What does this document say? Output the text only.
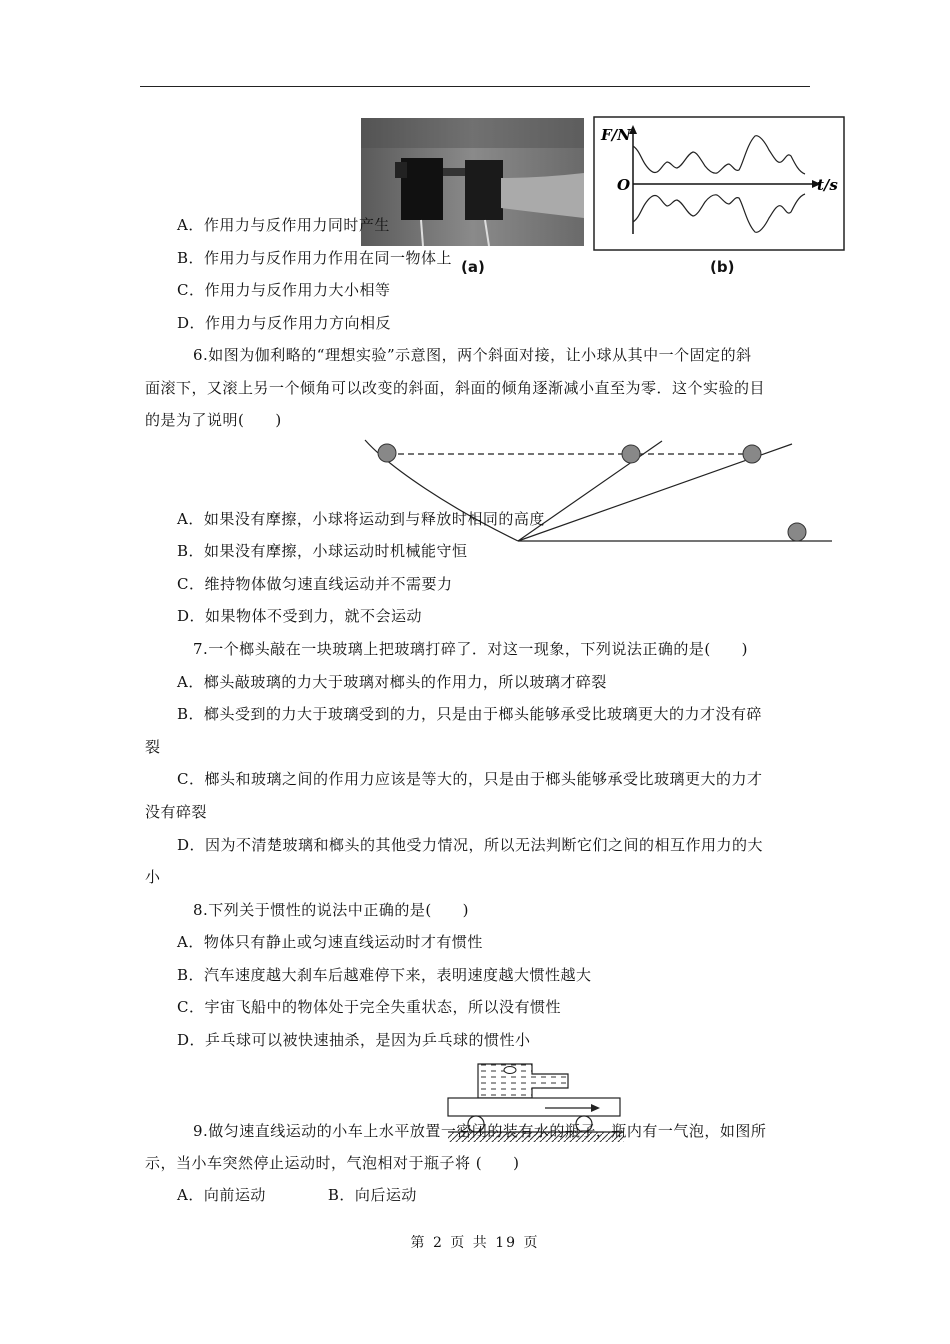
(a)
F/N
O	t/s
(b)
A．作用力与反作用力同时产生
B．作用力与反作用力作用在同一物体上
C．作用力与反作用力大小相等
D．作用力与反作用力方向相反
6.如图为伽利略的“理想实验”示意图，两个斜面对接，让小球从其中一个固定的斜
面滚下，又滚上另一个倾角可以改变的斜面，斜面的倾角逐渐减小直至为零．这个实验的目
的是为了说明(　　)
A．如果没有摩擦，小球将运动到与释放时相同的高度
B．如果没有摩擦，小球运动时机械能守恒
C．维持物体做匀速直线运动并不需要力
D．如果物体不受到力，就不会运动
7.一个榔头敲在一块玻璃上把玻璃打碎了．对这一现象，下列说法正确的是(　　)
A．榔头敲玻璃的力大于玻璃对榔头的作用力，所以玻璃才碎裂
B．榔头受到的力大于玻璃受到的力，只是由于榔头能够承受比玻璃更大的力才没有碎
裂
C．榔头和玻璃之间的作用力应该是等大的，只是由于榔头能够承受比玻璃更大的力才
没有碎裂
D．因为不清楚玻璃和榔头的其他受力情况，所以无法判断它们之间的相互作用力的大
小
8.下列关于惯性的说法中正确的是(　　)
A．物体只有静止或匀速直线运动时才有惯性
B．汽车速度越大刹车后越难停下来，表明速度越大惯性越大
C．宇宙飞船中的物体处于完全失重状态，所以没有惯性
D．乒乓球可以被快速抽杀，是因为乒乓球的惯性小
9.做匀速直线运动的小车上水平放置一密闭的装有水的瓶子，瓶内有一气泡，如图所
示，当小车突然停止运动时，气泡相对于瓶子将 (　　)
A．向前运动　　　　B．向后运动
第 2 页 共 19 页
